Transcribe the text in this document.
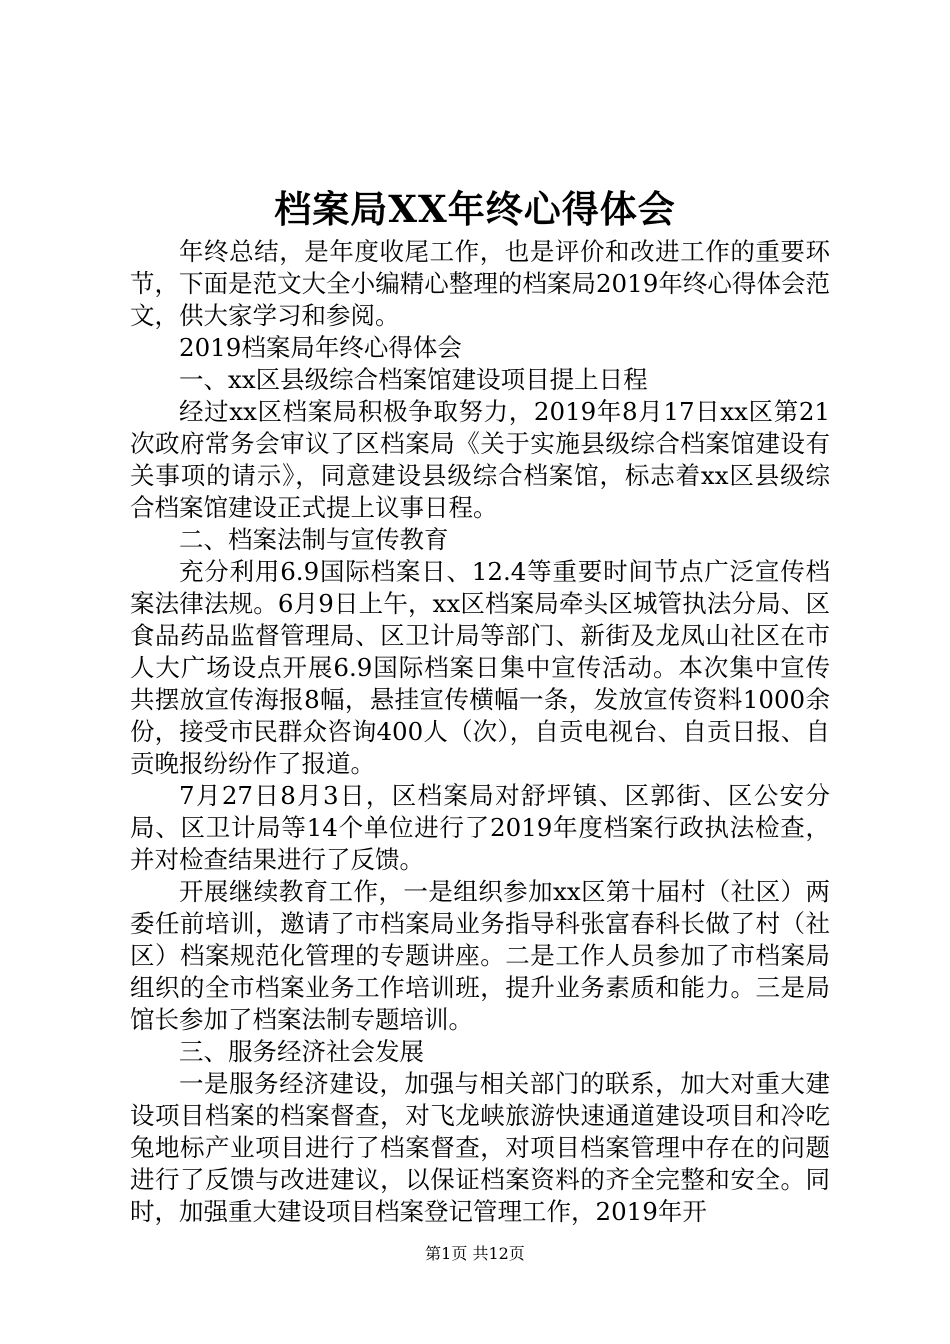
档案局XX年终心得体会

年终总结，是年度收尾工作，也是评价和改进工作的重要环节，下面是范文大全小编精心整理的档案局2019年终心得体会范文，供大家学习和参阅。

2019档案局年终心得体会

一、xx区县级综合档案馆建设项目提上日程

经过xx区档案局积极争取努力，2019年8月17日xx区第21次政府常务会审议了区档案局《关于实施县级综合档案馆建设有关事项的请示》，同意建设县级综合档案馆，标志着xx区县级综合档案馆建设正式提上议事日程。

二、档案法制与宣传教育

充分利用6.9国际档案日、12.4等重要时间节点广泛宣传档案法律法规。6月9日上午，xx区档案局牵头区城管执法分局、区食品药品监督管理局、区卫计局等部门、新街及龙凤山社区在市人大广场设点开展6.9国际档案日集中宣传活动。本次集中宣传共摆放宣传海报8幅，悬挂宣传横幅一条，发放宣传资料1000余份，接受市民群众咨询400人（次），自贡电视台、自贡日报、自贡晚报纷纷作了报道。

7月27日8月3日，区档案局对舒坪镇、区郭街、区公安分局、区卫计局等14个单位进行了2019年度档案行政执法检查，并对检查结果进行了反馈。

开展继续教育工作，一是组织参加xx区第十届村（社区）两委任前培训，邀请了市档案局业务指导科张富春科长做了村（社区）档案规范化管理的专题讲座。二是工作人员参加了市档案局组织的全市档案业务工作培训班，提升业务素质和能力。三是局馆长参加了档案法制专题培训。

三、服务经济社会发展

一是服务经济建设，加强与相关部门的联系，加大对重大建设项目档案的档案督查，对飞龙峡旅游快速通道建设项目和冷吃兔地标产业项目进行了档案督查，对项目档案管理中存在的问题进行了反馈与改进建议，以保证档案资料的齐全完整和安全。同时，加强重大建设项目档案登记管理工作，2019年开

第1页 共12页
